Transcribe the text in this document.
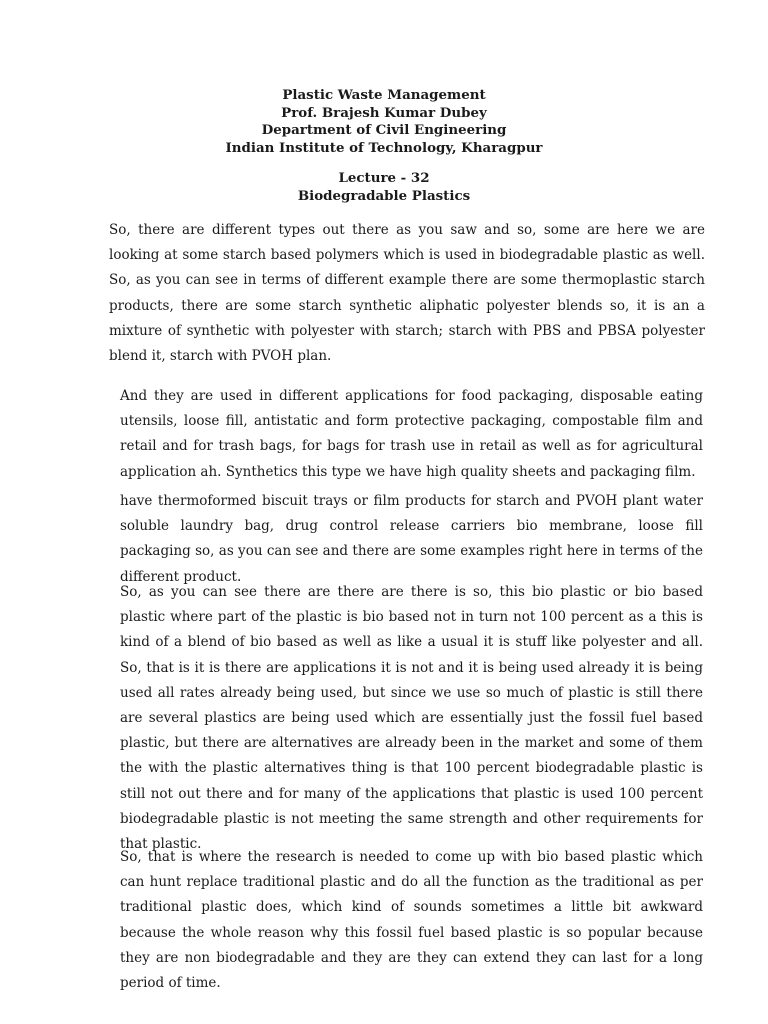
Plastic Waste Management
Prof. Brajesh Kumar Dubey
Department of Civil Engineering
Indian Institute of Technology, Kharagpur
Lecture - 32
Biodegradable Plastics

So, there are different types out there as you saw and so, some are here we are looking at some starch based polymers which is used in biodegradable plastic as well. So, as you can see in terms of different example there are some thermoplastic starch products, there are some starch synthetic aliphatic polyester blends so, it is an a mixture of synthetic with polyester with starch; starch with PBS and PBSA polyester blend it, starch with PVOH plan.

And they are used in different applications for food packaging, disposable eating utensils, loose fill, antistatic and form protective packaging, compostable film and retail and for trash bags, for bags for trash use in retail as well as for agricultural application ah. Synthetics this type we have high quality sheets and packaging film.

have thermoformed biscuit trays or film products for starch and PVOH plant water soluble laundry bag, drug control release carriers bio membrane, loose fill packaging so, as you can see and there are some examples right here in terms of the different product.

So, as you can see there are there are there is so, this bio plastic or bio based plastic where part of the plastic is bio based not in turn not 100 percent as a this is kind of a blend of bio based as well as like a usual it is stuff like polyester and all. So, that is it is there are applications it is not and it is being used already it is being used all rates already being used, but since we use so much of plastic is still there are several plastics are being used which are essentially just the fossil fuel based plastic, but there are alternatives are already been in the market and some of them the with the plastic alternatives thing is that 100 percent biodegradable plastic is still not out there and for many of the applications that plastic is used 100 percent biodegradable plastic is not meeting the same strength and other requirements for that plastic.

So, that is where the research is needed to come up with bio based plastic which can hunt replace traditional plastic and do all the function as the traditional as per traditional plastic does, which kind of sounds sometimes a little bit awkward because the whole reason why this fossil fuel based plastic is so popular because they are non biodegradable and they are they can extend they can last for a long period of time.
